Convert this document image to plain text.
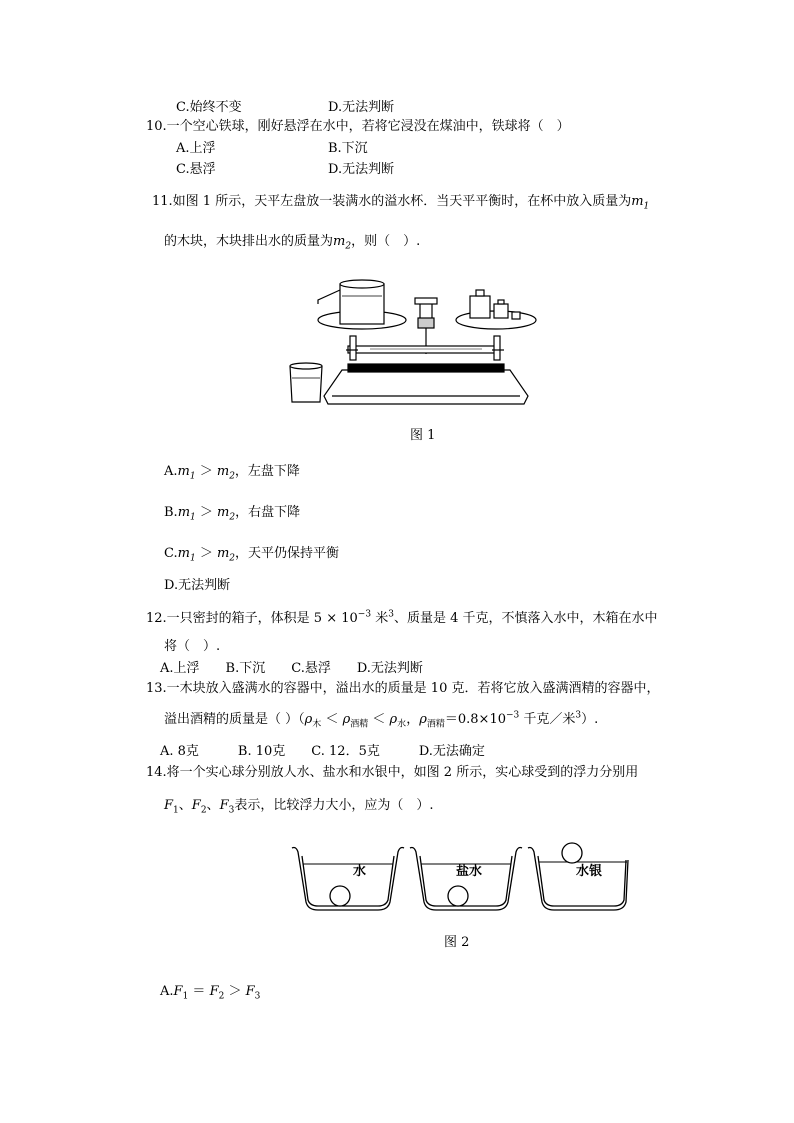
C.始终不变	D.无法判断
10.一个空心铁球，刚好悬浮在水中，若将它浸没在煤油中，铁球将（　）
A.上浮	B.下沉
C.悬浮	D.无法判断
11.如图 1 所示，天平左盘放一装满水的溢水杯．当天平平衡时，在杯中放入质量为$m_1$
的木块，木块排出水的质量为$m_2$，则（　）.
图 1
$A.m_1 > m_2$，左盘下降
$B.m_1 > m_2$，右盘下降
$C.m_1 > m_2$，天平仍保持平衡
D.无法判断
12.一只密封的箱子，体积是 $5 \times 10^{-3}$ 米$^3$、质量是 4 千克，不慎落入水中，木箱在水中
将（　）.
A.上浮　　B.下沉　　C.悬浮　　D.无法判断
13.一木块放入盛满水的容器中，溢出水的质量是 10 克．若将它放入盛满酒精的容器中，
溢出酒精的质量是（ ）（$\rho_木 < \rho_{酒精} < \rho_水$，$\rho_{酒精}=0.8\times 10^{-3}$ 千克／米$^3$）.
A. 8克　　　B. 10克　　C. 12．5克　　　D.无法确定
14.将一个实心球分别放人水、盐水和水银中，如图 2 所示，实心球受到的浮力分别用
$F_1$、$F_2$、$F_3$表示，比较浮力大小，应为（　）.
水	盐水	水银
图 2
$A.F_1 = F_2 > F_3$
